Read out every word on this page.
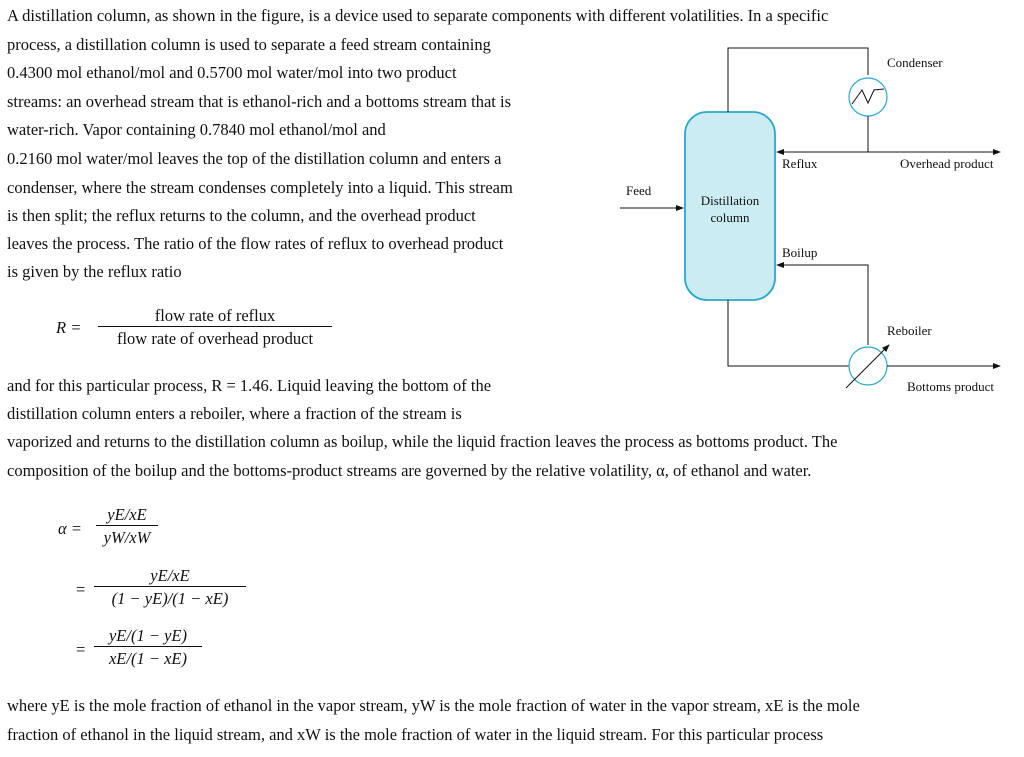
A distillation column, as shown in the figure, is a device used to separate components with different volatilities. In a specific

process, a distillation column is used to separate a feed stream containing

0.4300 mol ethanol/mol and 0.5700 mol water/mol into two product

streams: an overhead stream that is ethanol-rich and a bottoms stream that is

water-rich. Vapor containing 0.7840 mol ethanol/mol and

0.2160 mol water/mol leaves the top of the distillation column and enters a

condenser, where the stream condenses completely into a liquid. This stream

is then split; the reflux returns to the column, and the overhead product

leaves the process. The ratio of the flow rates of reflux to overhead product

is given by the reflux ratio

R =
flow rate of reflux
flow rate of overhead product

and for this particular process, R = 1.46. Liquid leaving the bottom of the

distillation column enters a reboiler, where a fraction of the stream is

vaporized and returns to the distillation column as boilup, while the liquid fraction leaves the process as bottoms product. The

composition of the boilup and the bottoms-product streams are governed by the relative volatility, α, of ethanol and water.

$\alpha = \frac{yE/xE}{yW/xW}$
= $\frac{yE/xE}{(1 - yE)/(1 - xE)}$
= $\frac{yE/(1 - yE)}{xE/(1 - xE)}$

where yE is the mole fraction of ethanol in the vapor stream, yW is the mole fraction of water in the vapor stream, xE is the mole

fraction of ethanol in the liquid stream, and xW is the mole fraction of water in the liquid stream. For this particular process

Distillation
column
Condenser
Reflux	Overhead product
Feed
Boilup
Reboiler
Bottoms product
